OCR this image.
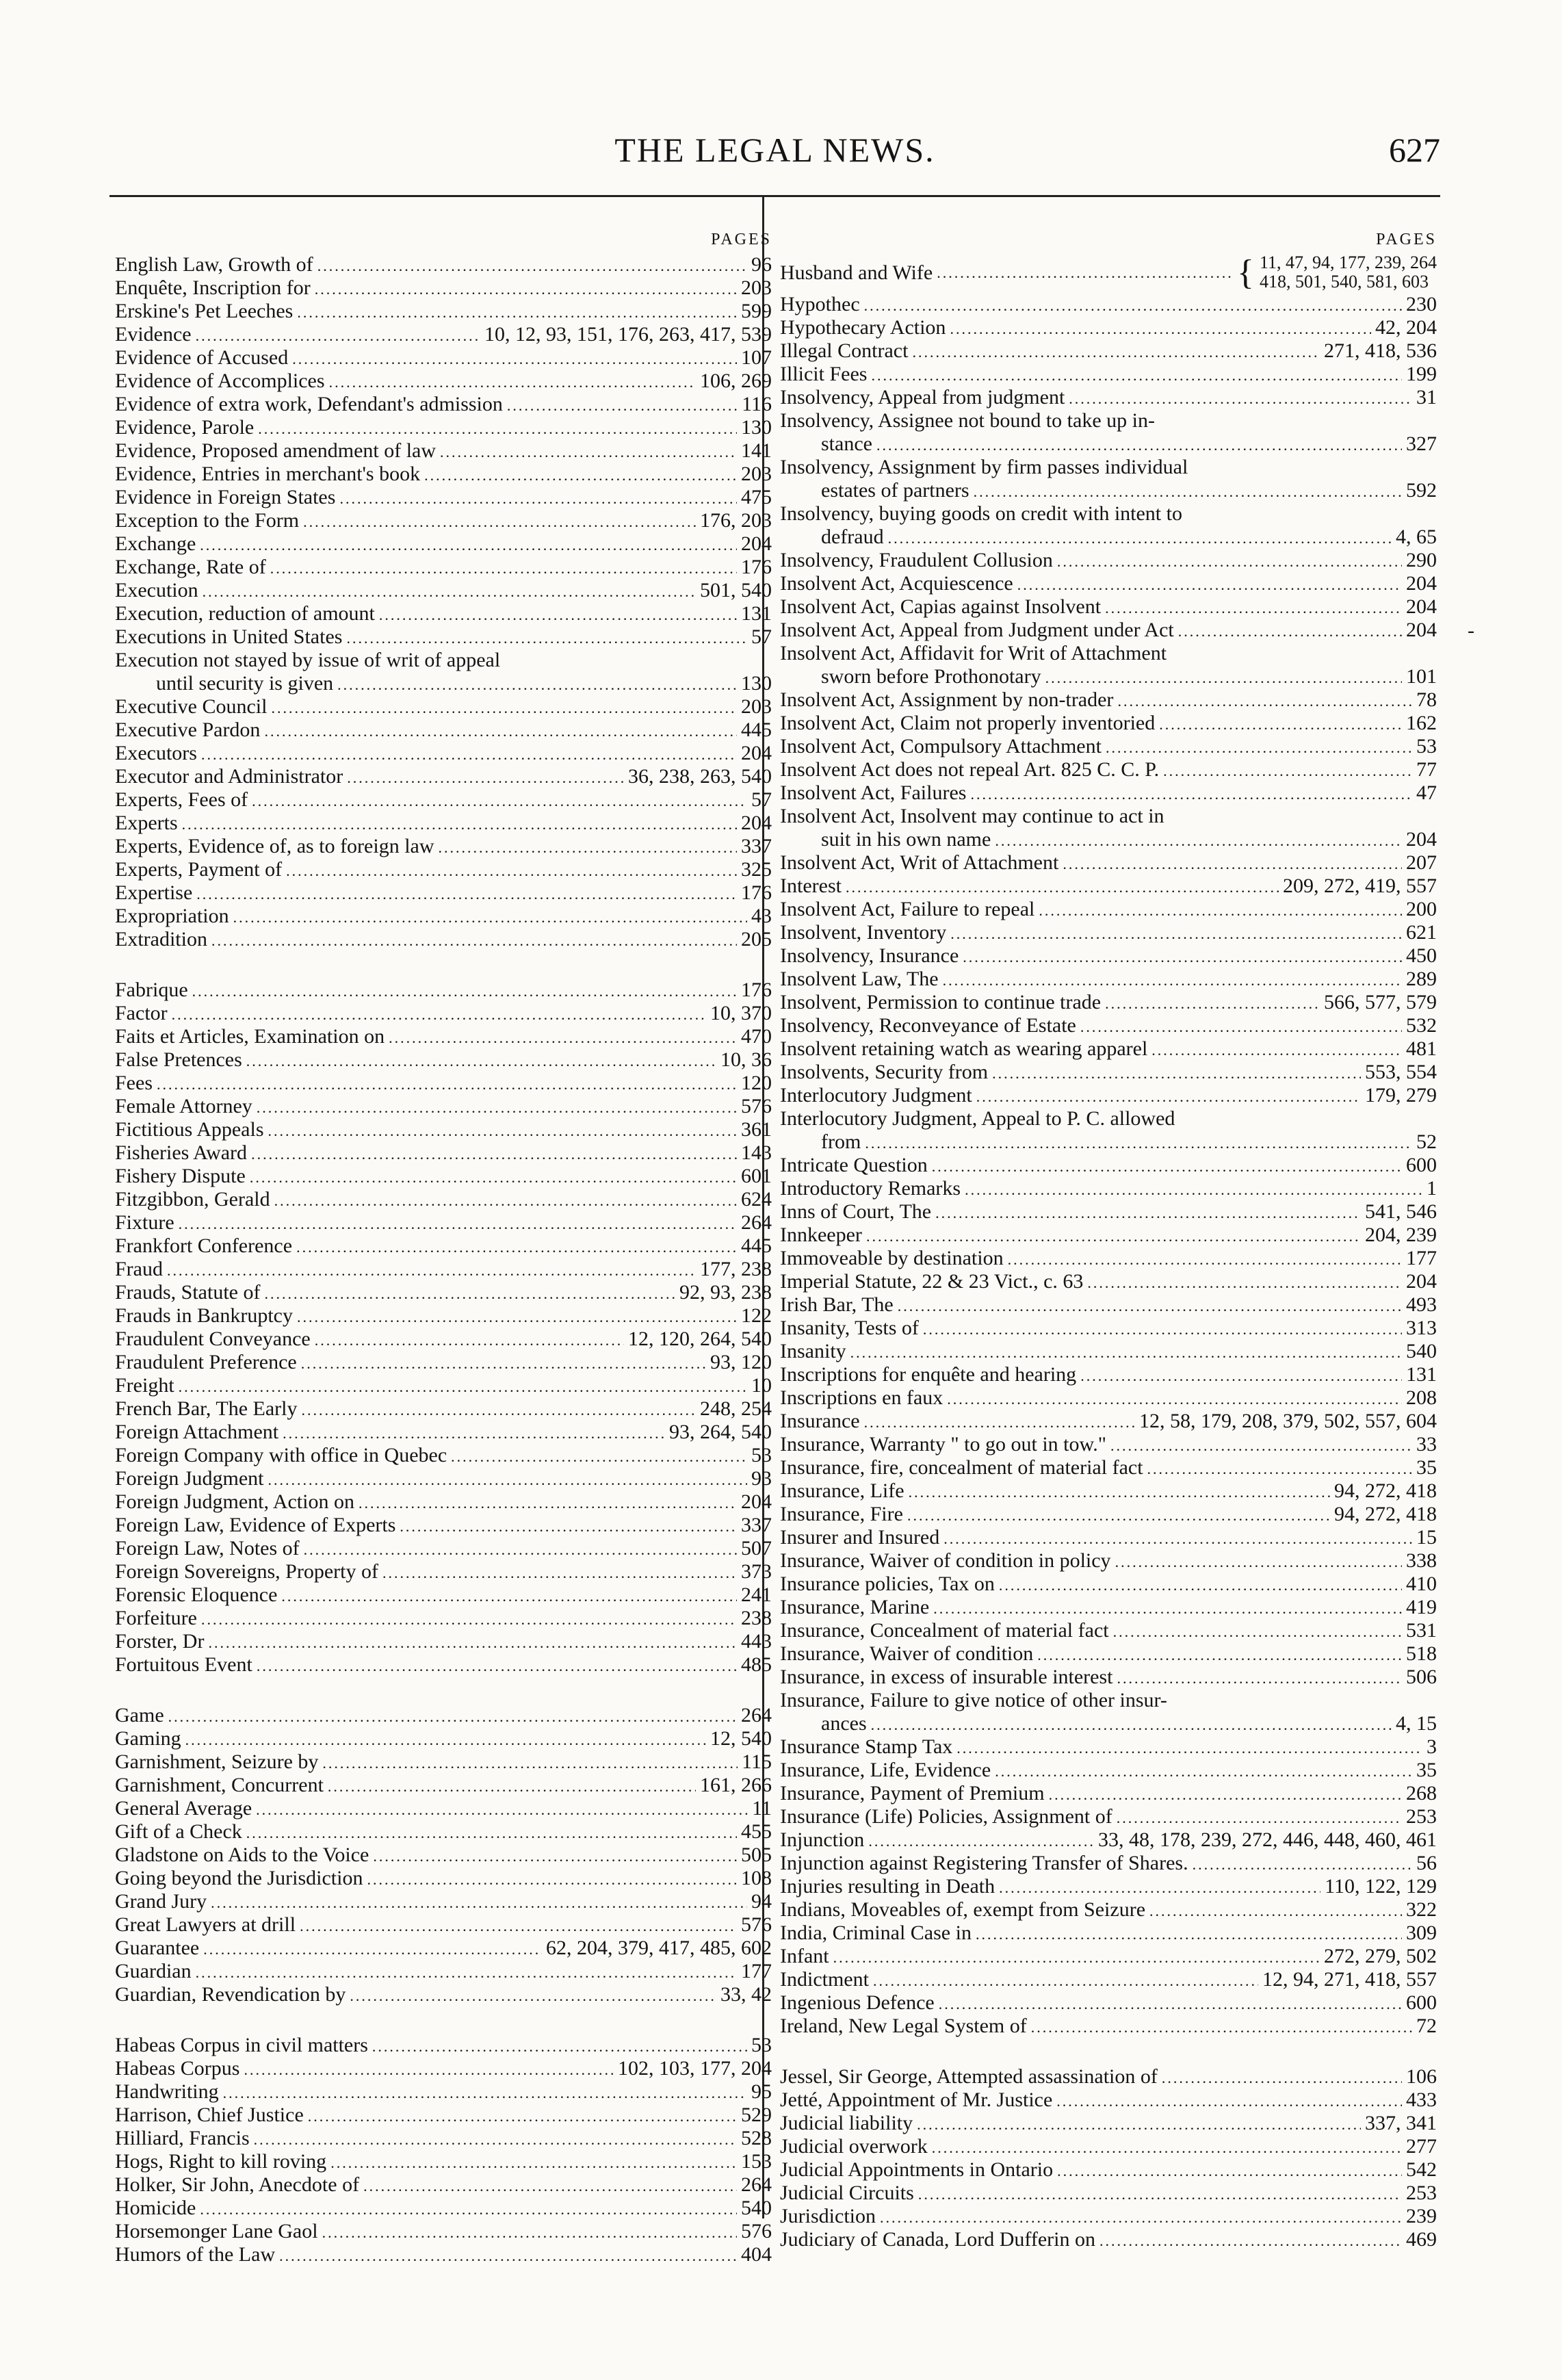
THE LEGAL NEWS.	627
-
PAGES
English Law, Growth of .....	96
Enquête, Inscription for .....	203
Erskine's Pet Leeches .....	599
Evidence .....	10, 12, 93, 151, 176, 263, 417, 539
Evidence of Accused .....	107
Evidence of Accomplices .....	106, 269
Evidence of extra work, Defendant's admission .....	116
Evidence, Parole .....	130
Evidence, Proposed amendment of law .....	141
Evidence, Entries in merchant's book .....	203
Evidence in Foreign States .....	475
Exception to the Form .....	176, 203
Exchange .....	204
Exchange, Rate of .....	176
Execution .....	501, 540
Execution, reduction of amount .....	131
Executions in United States .....	57
Execution not stayed by issue of writ of appeal
until security is given .....	130
Executive Council .....	203
Executive Pardon .....	445
Executors .....	204
Executor and Administrator .....	36, 238, 263, 540
Experts, Fees of .....	57
Experts .....	204
Experts, Evidence of, as to foreign law .....	337
Experts, Payment of .....	325
Expertise .....	176
Expropriation .....	43
Extradition .....	205
Fabrique .....	176
Factor .....	10, 370
Faits et Articles, Examination on .....	470
False Pretences .....	10, 36
Fees .....	120
Female Attorney .....	576
Fictitious Appeals .....	361
Fisheries Award .....	143
Fishery Dispute .....	601
Fitzgibbon, Gerald .....	624
Fixture .....	264
Frankfort Conference .....	445
Fraud .....	177, 238
Frauds, Statute of .....	92, 93, 238
Frauds in Bankruptcy .....	122
Fraudulent Conveyance .....	12, 120, 264, 540
Fraudulent Preference .....	93, 120
Freight .....	10
French Bar, The Early .....	248, 254
Foreign Attachment .....	93, 264, 540
Foreign Company with office in Quebec .....	53
Foreign Judgment .....	93
Foreign Judgment, Action on .....	204
Foreign Law, Evidence of Experts .....	337
Foreign Law, Notes of .....	507
Foreign Sovereigns, Property of .....	373
Forensic Eloquence .....	241
Forfeiture .....	238
Forster, Dr .....	443
Fortuitous Event .....	485
Game .....	264
Gaming .....	12, 540
Garnishment, Seizure by .....	115
Garnishment, Concurrent .....	161, 266
General Average .....	11
Gift of a Check .....	455
Gladstone on Aids to the Voice .....	505
Going beyond the Jurisdiction .....	108
Grand Jury .....	94
Great Lawyers at drill .....	576
Guarantee .....	62, 204, 379, 417, 485, 602
Guardian .....	177
Guardian, Revendication by .....	33, 42
Habeas Corpus in civil matters .....	53
Habeas Corpus .....	102, 103, 177, 204
Handwriting .....	95
Harrison, Chief Justice .....	529
Hilliard, Francis .....	528
Hogs, Right to kill roving .....	153
Holker, Sir John, Anecdote of .....	264
Homicide .....	540
Horsemonger Lane Gaol .....	576
Humors of the Law .....	404
PAGES
Husband and Wife .....	{ 11, 47, 94, 177, 239, 264
418, 501, 540, 581, 603
Hypothec .....	230
Hypothecary Action .....	42, 204
Illegal Contract .....	271, 418, 536
Illicit Fees .....	199
Insolvency, Appeal from judgment .....	31
Insolvency, Assignee not bound to take up in-
stance .....	327
Insolvency, Assignment by firm passes individual
estates of partners .....	592
Insolvency, buying goods on credit with intent to
defraud .....	4, 65
Insolvency, Fraudulent Collusion .....	290
Insolvent Act, Acquiescence .....	204
Insolvent Act, Capias against Insolvent .....	204
Insolvent Act, Appeal from Judgment under Act .....	204
Insolvent Act, Affidavit for Writ of Attachment
sworn before Prothonotary .....	101
Insolvent Act, Assignment by non-trader .....	78
Insolvent Act, Claim not properly inventoried .....	162
Insolvent Act, Compulsory Attachment .....	53
Insolvent Act does not repeal Art. 825 C. C. P. .....	77
Insolvent Act, Failures .....	47
Insolvent Act, Insolvent may continue to act in
suit in his own name .....	204
Insolvent Act, Writ of Attachment .....	207
Interest .....	209, 272, 419, 557
Insolvent Act, Failure to repeal .....	200
Insolvent, Inventory .....	621
Insolvency, Insurance .....	450
Insolvent Law, The .....	289
Insolvent, Permission to continue trade .....	566, 577, 579
Insolvency, Reconveyance of Estate .....	532
Insolvent retaining watch as wearing apparel .....	481
Insolvents, Security from .....	553, 554
Interlocutory Judgment .....	179, 279
Interlocutory Judgment, Appeal to P. C. allowed
from .....	52
Intricate Question .....	600
Introductory Remarks .....	1
Inns of Court, The .....	541, 546
Innkeeper .....	204, 239
Immoveable by destination .....	177
Imperial Statute, 22 & 23 Vict., c. 63 .....	204
Irish Bar, The .....	493
Insanity, Tests of .....	313
Insanity .....	540
Inscriptions for enquête and hearing .....	131
Inscriptions en faux .....	208
Insurance .....	12, 58, 179, 208, 379, 502, 557, 604
Insurance, Warranty " to go out in tow." .....	33
Insurance, fire, concealment of material fact .....	35
Insurance, Life .....	94, 272, 418
Insurance, Fire .....	94, 272, 418
Insurer and Insured .....	15
Insurance, Waiver of condition in policy .....	338
Insurance policies, Tax on .....	410
Insurance, Marine .....	419
Insurance, Concealment of material fact .....	531
Insurance, Waiver of condition .....	518
Insurance, in excess of insurable interest .....	506
Insurance, Failure to give notice of other insur-
ances .....	4, 15
Insurance Stamp Tax .....	3
Insurance, Life, Evidence .....	35
Insurance, Payment of Premium .....	268
Insurance (Life) Policies, Assignment of .....	253
Injunction .....	33, 48, 178, 239, 272, 446, 448, 460, 461
Injunction against Registering Transfer of Shares. .....	56
Injuries resulting in Death .....	110, 122, 129
Indians, Moveables of, exempt from Seizure .....	322
India, Criminal Case in .....	309
Infant .....	272, 279, 502
Indictment .....	12, 94, 271, 418, 557
Ingenious Defence .....	600
Ireland, New Legal System of .....	72
Jessel, Sir George, Attempted assassination of .....	106
Jetté, Appointment of Mr. Justice .....	433
Judicial liability .....	337, 341
Judicial overwork .....	277
Judicial Appointments in Ontario .....	542
Judicial Circuits .....	253
Jurisdiction .....	239
Judiciary of Canada, Lord Dufferin on .....	469
